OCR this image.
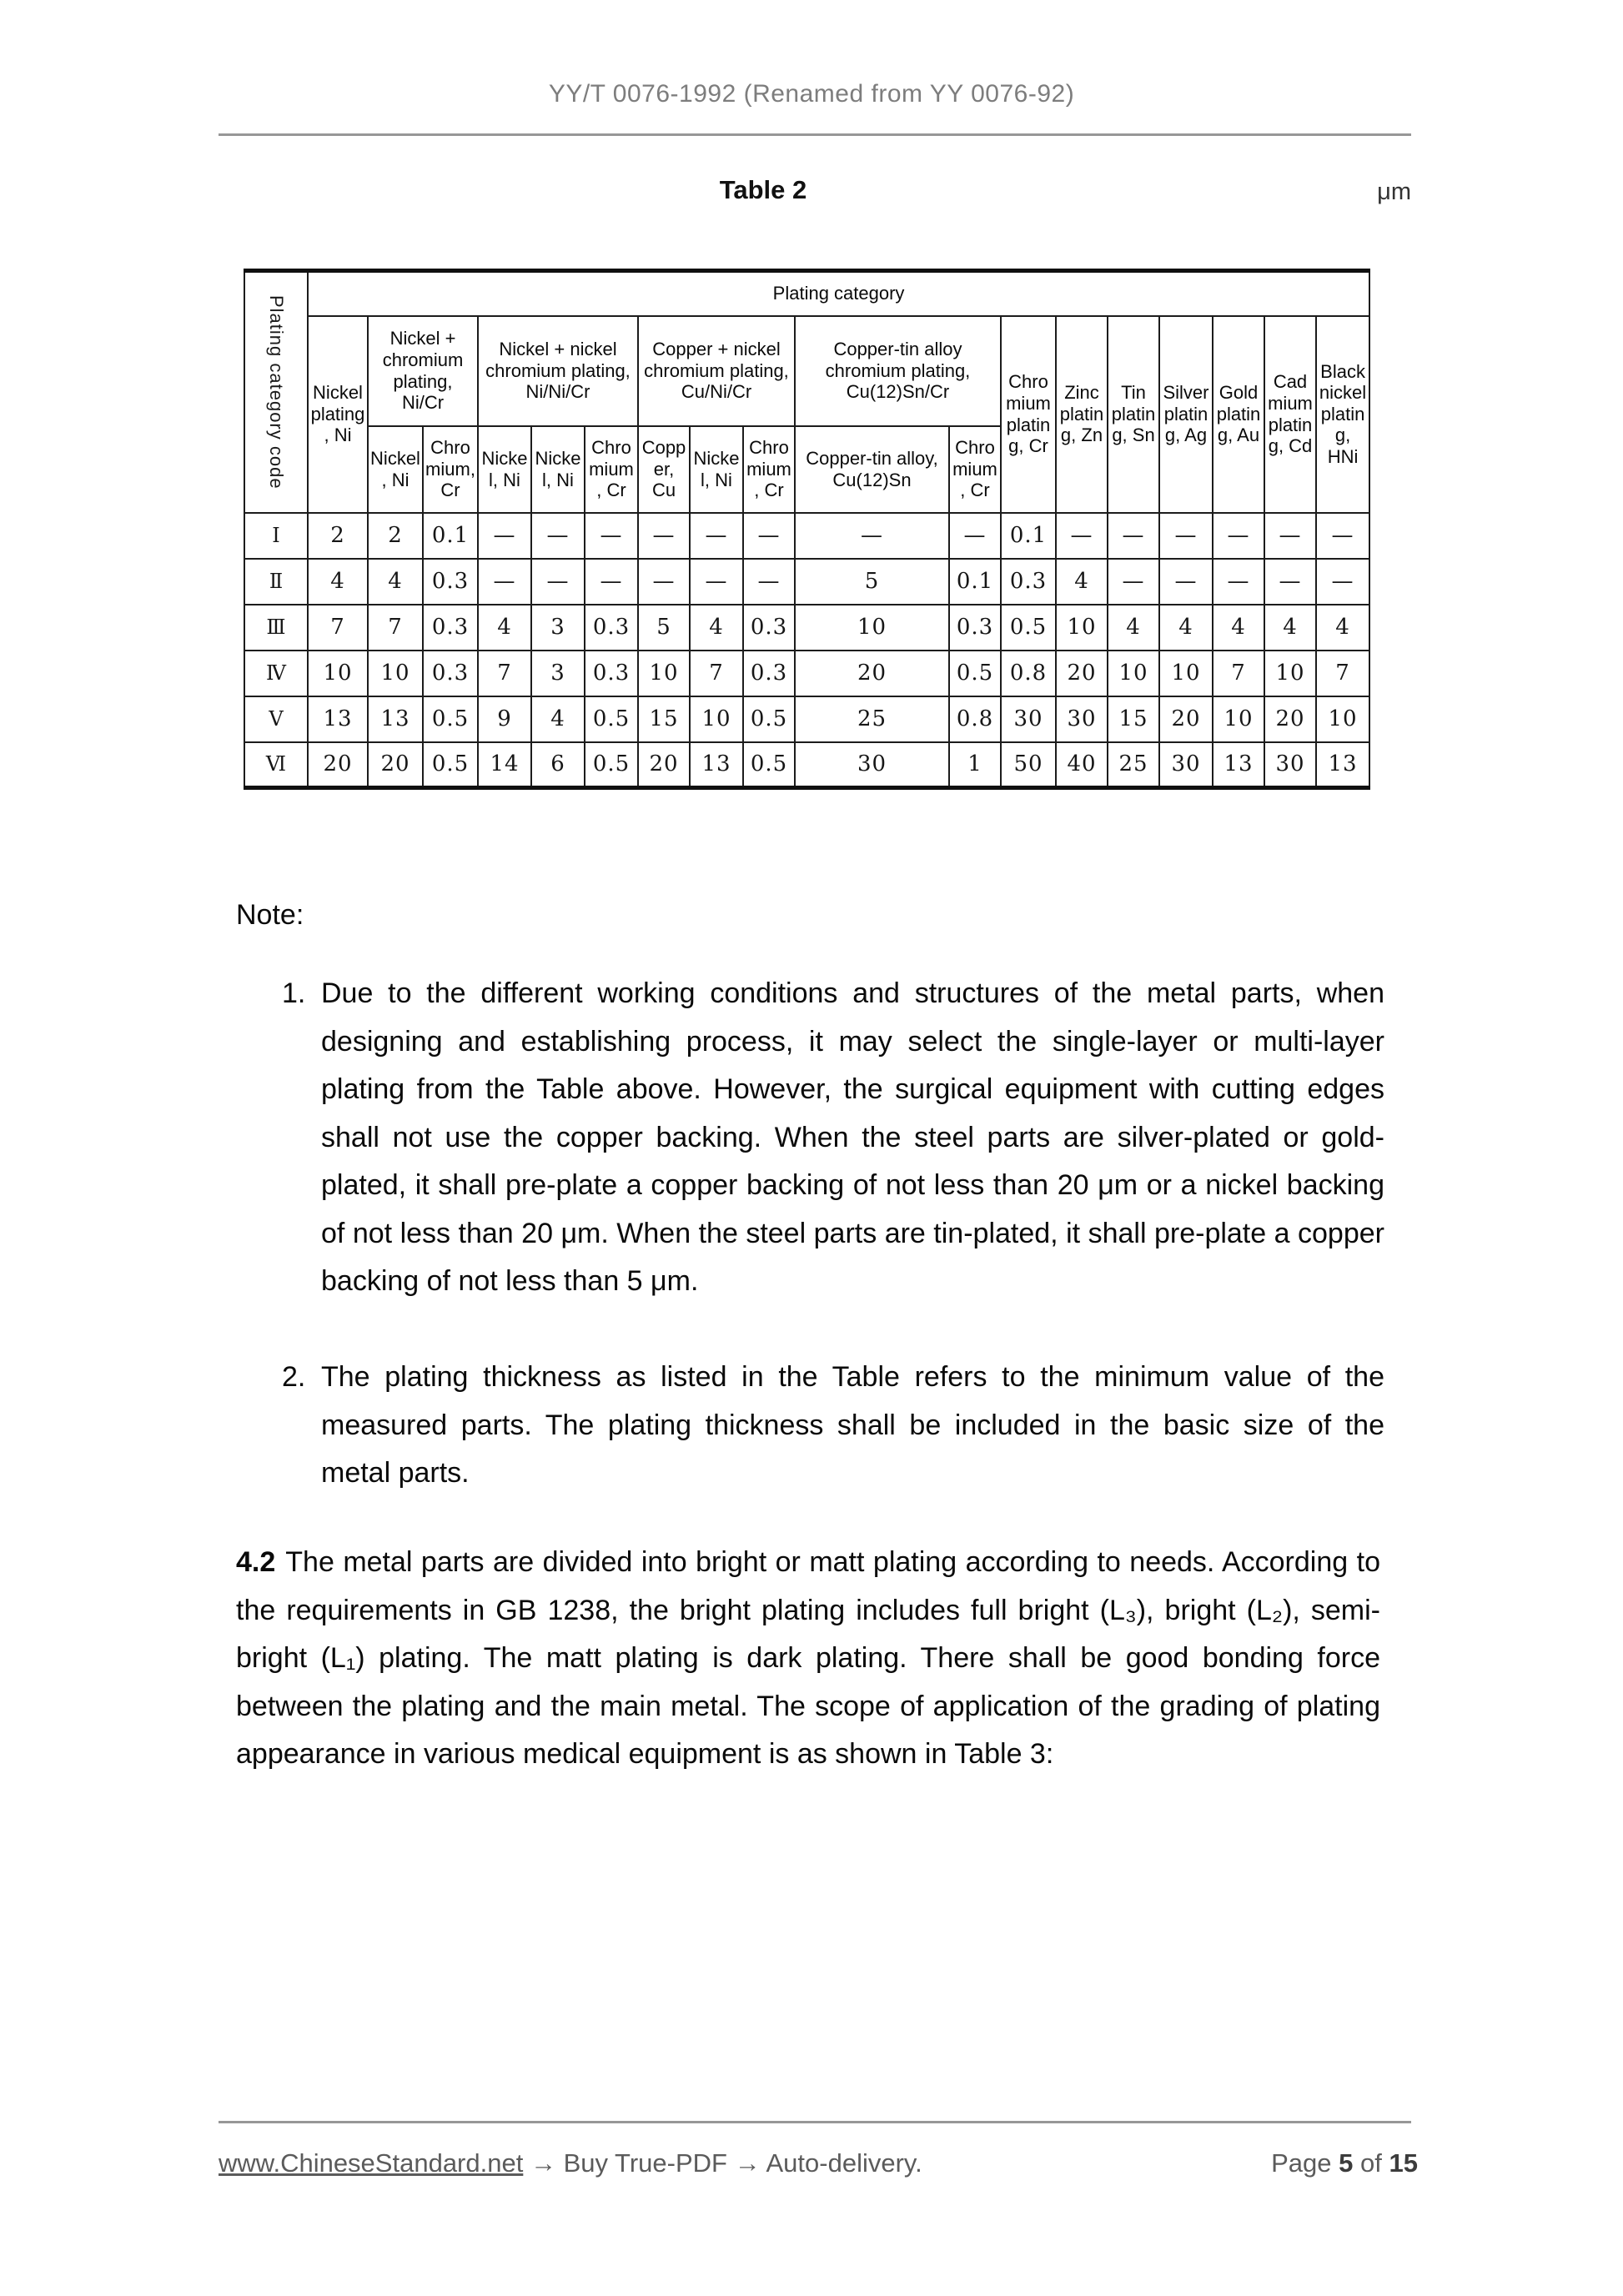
YY/T 0076-1992 (Renamed from YY 0076-92)
Table 2	μm
Plating category code	Plating category																	
	Nickel plating, Ni	Nickel + chromium plating, Ni/Cr		Nickel + nickel chromium plating, Ni/Ni/Cr			Copper + nickel chromium plating, Cu/Ni/Cr			Copper-tin alloy chromium plating, Cu(12)Sn/Cr		Chromium plating, Cr	Zinc plating, Zn	Tin plating, Sn	Silver plating, Ag	Gold plating, Au	Cadmium plating, Cd	Black nickel plating, HNi
		Nickel, Ni	Chromium, Cr	Nickel, Ni	Nickel, Ni	Chromium, Cr	Copper, Cu	Nickel, Ni	Chromium, Cr	Copper-tin alloy, Cu(12)Sn	Chromium, Cr							
Ⅰ	2	2	0.1	—	—	—	—	—	—	—	—	0.1	—	—	—	—	—	—
Ⅱ	4	4	0.3	—	—	—	—	—	—	5	0.1	0.3	4	—	—	—	—	—
Ⅲ	7	7	0.3	4	3	0.3	5	4	0.3	10	0.3	0.5	10	4	4	4	4	4
Ⅳ	10	10	0.3	7	3	0.3	10	7	0.3	20	0.5	0.8	20	10	10	7	10	7
Ⅴ	13	13	0.5	9	4	0.5	15	10	0.5	25	0.8	30	30	15	20	10	20	10
Ⅵ	20	20	0.5	14	6	0.5	20	13	0.5	30	1	50	40	25	30	13	30	13
Note:
1. Due to the different working conditions and structures of the metal parts, when designing and establishing process, it may select the single-layer or multi-layer plating from the Table above. However, the surgical equipment with cutting edges shall not use the copper backing. When the steel parts are silver-plated or gold-plated, it shall pre-plate a copper backing of not less than 20 μm or a nickel backing of not less than 20 μm. When the steel parts are tin-plated, it shall pre-plate a copper backing of not less than 5 μm.
2. The plating thickness as listed in the Table refers to the minimum value of the measured parts. The plating thickness shall be included in the basic size of the metal parts.
4.2 The metal parts are divided into bright or matt plating according to needs. According to the requirements in GB 1238, the bright plating includes full bright (L₃), bright (L₂), semi-bright (L₁) plating. The matt plating is dark plating. There shall be good bonding force between the plating and the main metal. The scope of application of the grading of plating appearance in various medical equipment is as shown in Table 3:
Page 5 of 15
www.ChineseStandard.net → Buy True-PDF → Auto-delivery.
